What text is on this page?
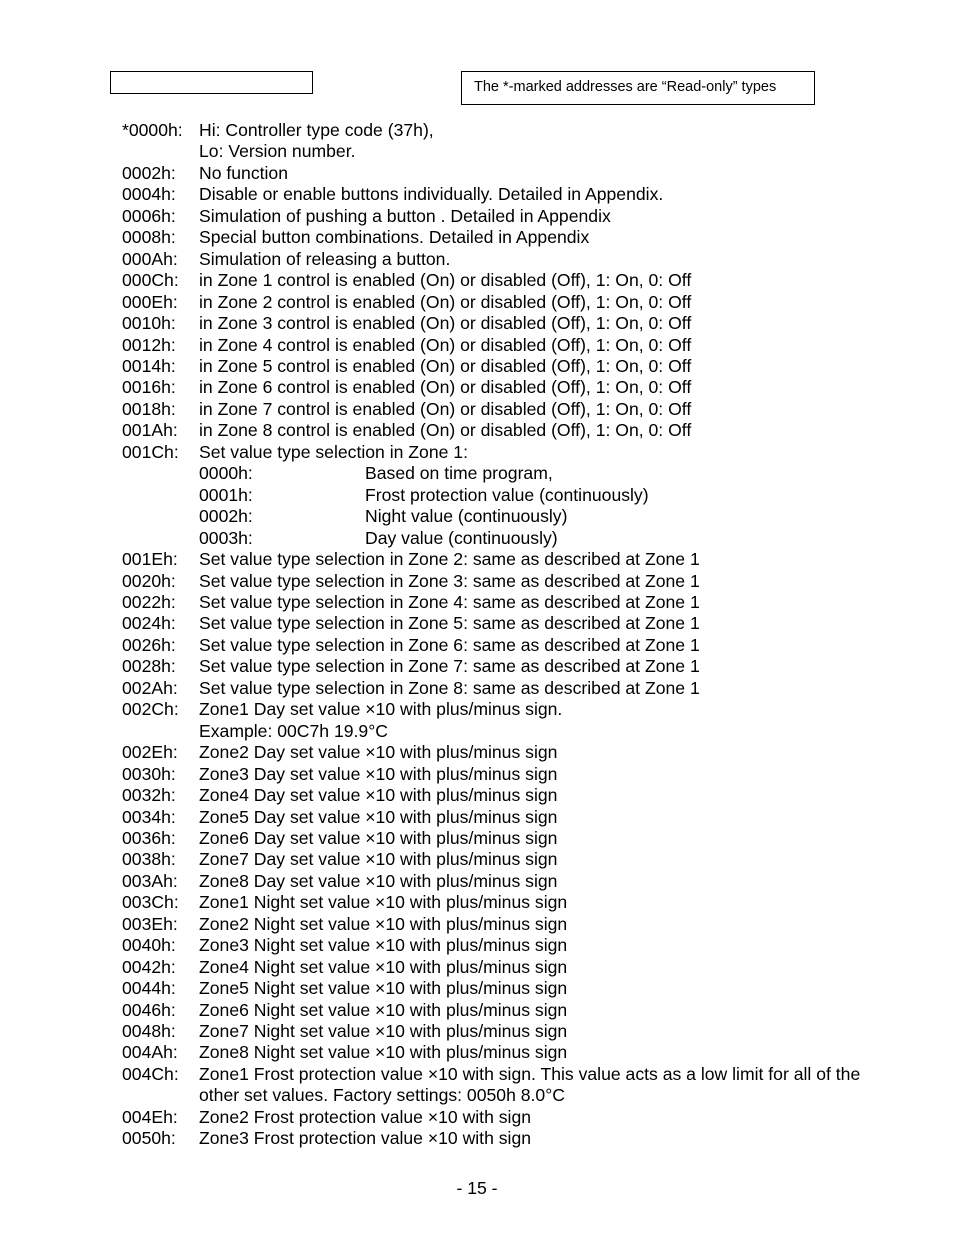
The *-marked addresses are “Read-only” types
*0000h: Hi: Controller type code (37h),
Lo: Version number.
0002h:	No function
0004h:	Disable or enable buttons individually. Detailed in Appendix.
0006h:	Simulation of pushing a button . Detailed in Appendix
0008h:	Special button combinations. Detailed in Appendix
000Ah:	Simulation of releasing a button.
000Ch:	in Zone 1 control is enabled (On) or disabled (Off), 1: On, 0: Off
000Eh:	in Zone 2 control is enabled (On) or disabled (Off), 1: On, 0: Off
0010h:	in Zone 3 control is enabled (On) or disabled (Off), 1: On, 0: Off
0012h:	in Zone 4 control is enabled (On) or disabled (Off), 1: On, 0: Off
0014h:	in Zone 5 control is enabled (On) or disabled (Off), 1: On, 0: Off
0016h:	in Zone 6 control is enabled (On) or disabled (Off), 1: On, 0: Off
0018h:	in Zone 7 control is enabled (On) or disabled (Off), 1: On, 0: Off
001Ah:	in Zone 8 control is enabled (On) or disabled (Off), 1: On, 0: Off
001Ch:	Set value type selection in Zone 1:
0000h:	Based on time program,
0001h:	Frost protection value (continuously)
0002h:	Night value (continuously)
0003h:	Day value (continuously)
001Eh:	Set value type selection in Zone 2: same as described at Zone 1
0020h:	Set value type selection in Zone 3: same as described at Zone 1
0022h:	Set value type selection in Zone 4: same as described at Zone 1
0024h:	Set value type selection in Zone 5: same as described at Zone 1
0026h:	Set value type selection in Zone 6: same as described at Zone 1
0028h:	Set value type selection in Zone 7: same as described at Zone 1
002Ah:	Set value type selection in Zone 8: same as described at Zone 1
002Ch:	Zone1 Day set value ×10 with plus/minus sign.
Example: 00C7h 19.9°C
002Eh:	Zone2 Day set value ×10 with plus/minus sign
0030h:	Zone3 Day set value ×10 with plus/minus sign
0032h:	Zone4 Day set value ×10 with plus/minus sign
0034h:	Zone5 Day set value ×10 with plus/minus sign
0036h:	Zone6 Day set value ×10 with plus/minus sign
0038h:	Zone7 Day set value ×10 with plus/minus sign
003Ah:	Zone8 Day set value ×10 with plus/minus sign
003Ch:	Zone1 Night set value ×10 with plus/minus sign
003Eh:	Zone2 Night set value ×10 with plus/minus sign
0040h:	Zone3 Night set value ×10 with plus/minus sign
0042h:	Zone4 Night set value ×10 with plus/minus sign
0044h:	Zone5 Night set value ×10 with plus/minus sign
0046h:	Zone6 Night set value ×10 with plus/minus sign
0048h:	Zone7 Night set value ×10 with plus/minus sign
004Ah:	Zone8 Night set value ×10 with plus/minus sign
004Ch:	Zone1 Frost protection value ×10 with sign. This value acts as a low limit for all of the other set values. Factory settings: 0050h 8.0°C
004Eh:	Zone2 Frost protection value ×10 with sign
0050h:	Zone3 Frost protection value ×10 with sign
- 15 -
